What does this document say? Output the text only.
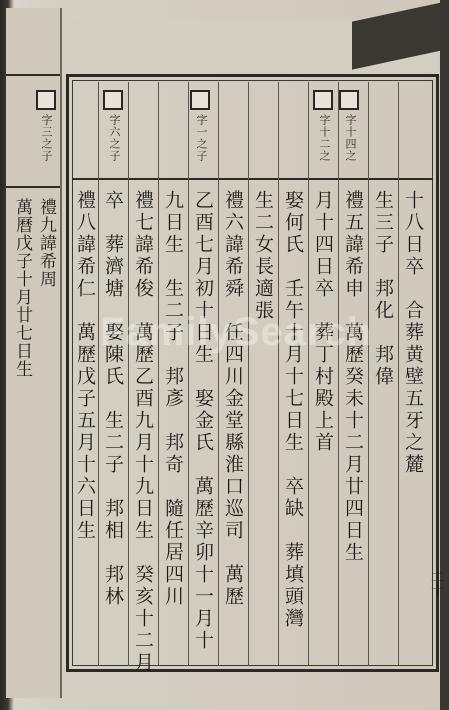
禮九諱希周
萬曆戊子十月廿七日生
字十四之
字十二之
字一之子
字六之子
字三之子
十八日卒　合葬黄壁五牙之麓
生三子　邦化　邦偉
禮五諱希申　萬歷癸未十二月廿四日生
月十四日卒　葬丁村殿上首
娶何氏　壬午十月十七日生　卒缺　葬填頭灣
生二女長適張
禮六諱希舜　任四川金堂縣淮口巡司　萬歷
乙酉七月初十日生　娶金氏　萬歷辛卯十一月十
九日生　生二子　邦彥　邦奇　隨任居四川
禮七諱希俊　萬歷乙酉九月十九日生　癸亥十二月
卒　葬濟塘　娶陳氏　生二子　邦相　邦林
禮八諱希仁　萬歷戊子五月十六日生
二十
FamilySearch
